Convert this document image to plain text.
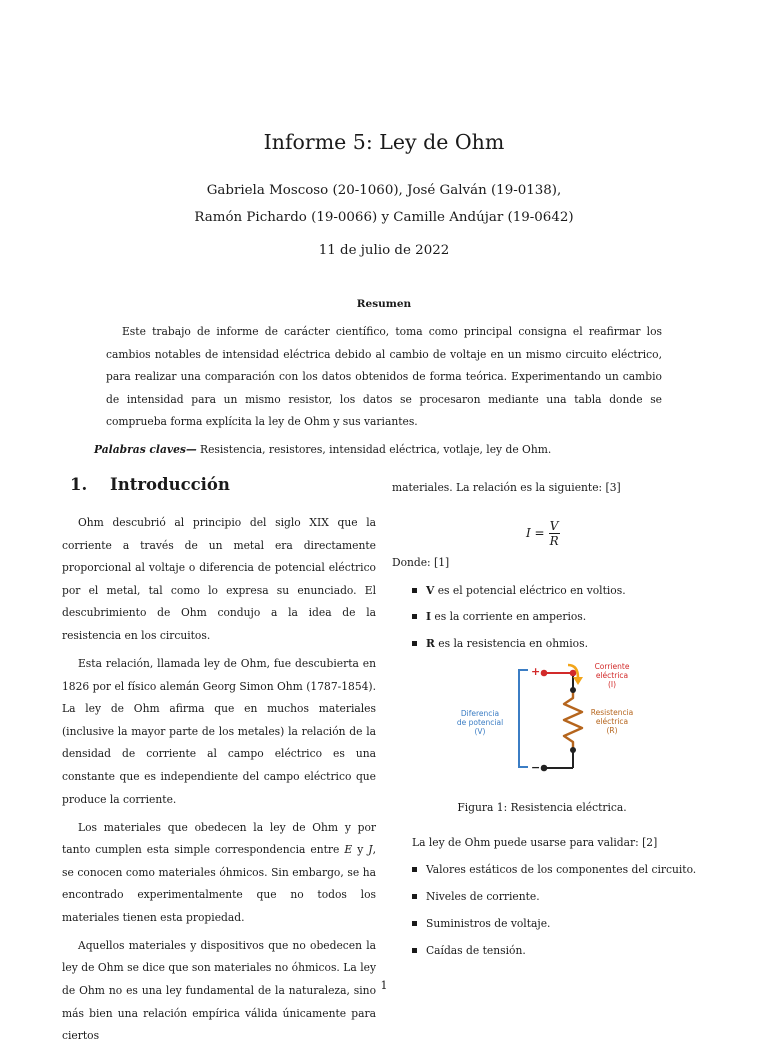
Informe 5: Ley de Ohm
Gabriela Moscoso (20-1060), José Galván (19-0138),
Ramón Pichardo (19-0066) y Camille Andújar (19-0642)
11 de julio de 2022
Resumen

Este trabajo de informe de carácter científico, toma como principal consigna el reafirmar los cambios notables de intensidad eléctrica debido al cambio de voltaje en un mismo circuito eléctrico, para realizar una comparación con los datos obtenidos de forma teórica. Experimentando un cambio de intensidad para un mismo resistor, los datos se procesaron mediante una tabla donde se comprueba forma explícita la ley de Ohm y sus variantes.

Palabras claves— Resistencia, resistores, intensidad eléctrica, votlaje, ley de Ohm.

1. Introducción

Ohm descubrió al principio del siglo XIX que la corriente a través de un metal era directamente proporcional al voltaje o diferencia de potencial eléctrico por el metal, tal como lo expresa su enunciado. El descubrimiento de Ohm condujo a la idea de la resistencia en los circuitos.

Esta relación, llamada ley de Ohm, fue descubierta en 1826 por el físico alemán Georg Simon Ohm (1787-1854). La ley de Ohm afirma que en muchos materiales (inclusive la mayor parte de los metales) la relación de la densidad de corriente al campo eléctrico es una constante que es independiente del campo eléctrico que produce la corriente.

Los materiales que obedecen la ley de Ohm y por tanto cumplen esta simple correspondencia entre E y J, se conocen como materiales óhmicos. Sin embargo, se ha encontrado experimentalmente que no todos los materiales tienen esta propiedad.

Aquellos materiales y dispositivos que no obedecen la ley de Ohm se dice que son materiales no óhmicos. La ley de Ohm no es una ley fundamental de la naturaleza, sino más bien una relación empírica válida únicamente para ciertos

materiales. La relación es la siguiente: [3]

$I = \frac{V}{R}$

Donde: [1]

V es el potencial eléctrico en voltios.

I es la corriente en amperios.

R es la resistencia en ohmios.

+
−
Diferencia
de potencial
(V)
Corriente
eléctrica
(I)
Resistencia
eléctrica
(R)

Figura 1: Resistencia eléctrica.

La ley de Ohm puede usarse para validar: [2]

Valores estáticos de los componentes del circuito.

Niveles de corriente.

Suministros de voltaje.

Caídas de tensión.

1
